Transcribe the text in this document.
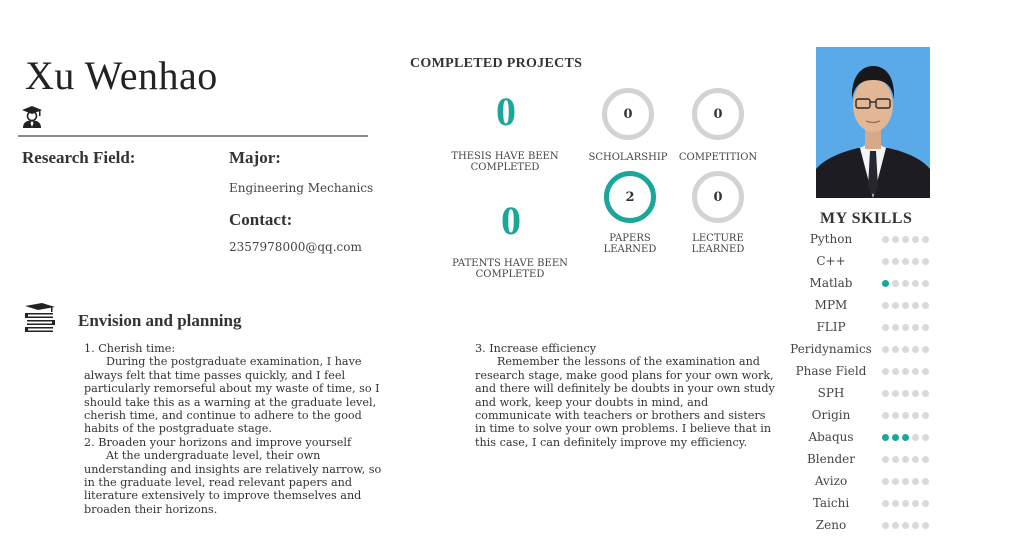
Xu Wenhao
Research Field:	Major:
Engineering Mechanics
Contact:
2357978000@qq.com
Envision and planning
1. Cherish time:
During the postgraduate examination, I have always felt that time passes quickly, and I feel particularly remorseful about my waste of time, so I should take this as a warning at the graduate level, cherish time, and continue to adhere to the good habits of the postgraduate stage.
2. Broaden your horizons and improve yourself
At the undergraduate level, their own understanding and insights are relatively narrow, so in the graduate level, read relevant papers and literature extensively to improve themselves and broaden their horizons.
3. Increase efficiency
Remember the lessons of the examination and research stage, make good plans for your own work, and there will definitely be doubts in your own study and work, keep your doubts in mind, and communicate with teachers or brothers and sisters in time to solve your own problems. I believe that in this case, I can definitely improve my efficiency.
COMPLETED PROJECTS
0
THESIS HAVE BEEN COMPLETED
0
PATENTS HAVE BEEN COMPLETED
0
SCHOLARSHIP
0
COMPETITION
2
PAPERS LEARNED
0
LECTURE LEARNED
MY SKILLS
Python
C++
Matlab
MPM
FLIP
Peridynamics
Phase Field
SPH
Origin
Abaqus
Blender
Avizo
Taichi
Zeno
